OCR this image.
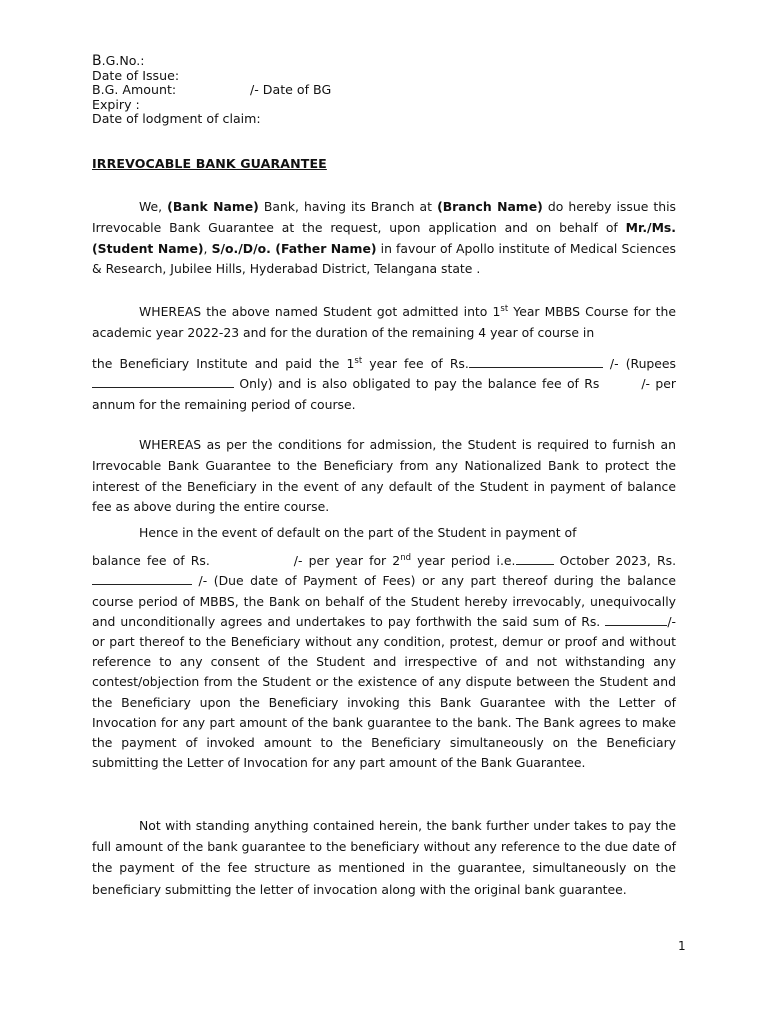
B.G.No.:
Date of Issue:
B.G. Amount:	/- Date of BG
Expiry :
Date of lodgment of claim:
IRREVOCABLE BANK GUARANTEE

We, (Bank Name) Bank, having its Branch at (Branch Name) do hereby issue this Irrevocable Bank Guarantee at the request, upon application and on behalf of Mr./Ms. (Student Name), S/o./D/o. (Father Name) in favour of Apollo institute of Medical Sciences & Research, Jubilee Hills, Hyderabad District, Telangana state .

WHEREAS the above named Student got admitted into 1st Year MBBS Course for the academic year 2022-23 and for the duration of the remaining 4 year of course in
the Beneficiary Institute and paid the 1st year fee of Rs.	/- (Rupees  Only) and is also obligated to pay the balance fee of Rs	/- per annum for the remaining period of course.

WHEREAS as per the conditions for admission, the Student is required to furnish an Irrevocable Bank Guarantee to the Beneficiary from any Nationalized Bank to protect the interest of the Beneficiary in the event of any default of the Student in payment of balance fee as above during the entire course.

Hence in the event of default on the part of the Student in payment of
balance fee of Rs.	/- per year for 2nd year period i.e.	October 2023, Rs. /- (Due date of Payment of Fees) or any part thereof during the balance course period of MBBS, the Bank on behalf of the Student hereby irrevocably, unequivocally and unconditionally agrees and undertakes to pay forthwith the said sum of Rs.	/- or part thereof to the Beneficiary without any condition, protest, demur or proof and without reference to any consent of the Student and irrespective of and not withstanding any contest/objection from the Student or the existence of any dispute between the Student and the Beneficiary upon the Beneficiary invoking this Bank Guarantee with the Letter of Invocation for any part amount of the bank guarantee to the bank. The Bank agrees to make the payment of invoked amount to the Beneficiary simultaneously on the Beneficiary submitting the Letter of Invocation for any part amount of the Bank Guarantee.

Not with standing anything contained herein, the bank further under takes to pay the full amount of the bank guarantee to the beneficiary without any reference to the due date of the payment of the fee structure as mentioned in the guarantee, simultaneously on the beneficiary submitting the letter of invocation along with the original bank guarantee.

1
